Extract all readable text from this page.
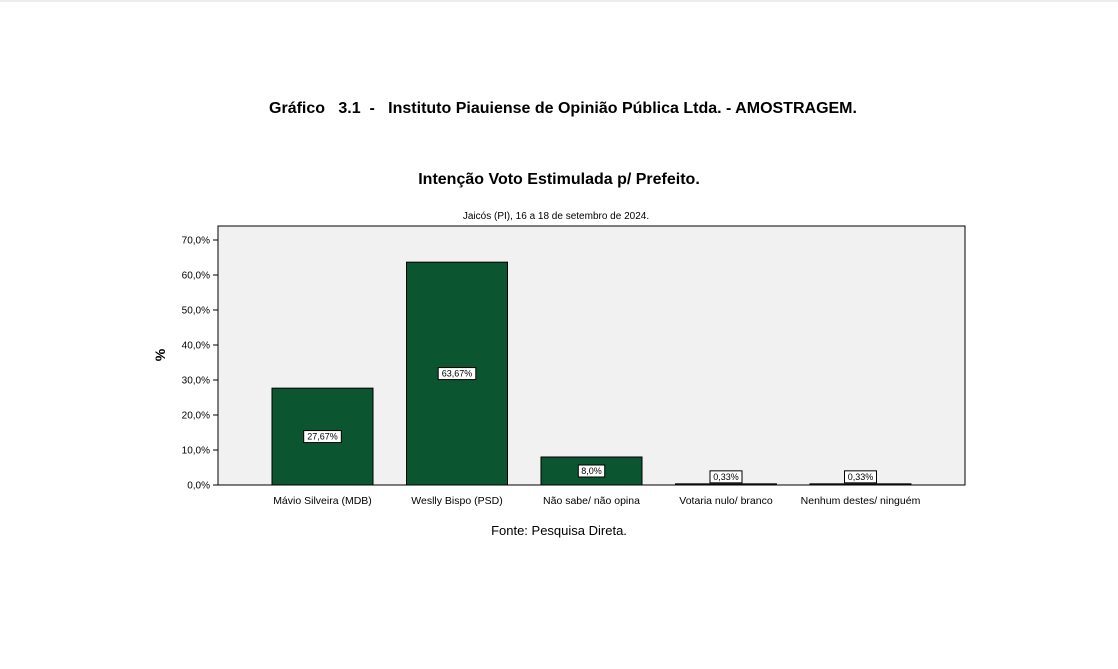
Gráfico   3.1  -   Instituto Piauiense de Opinião Pública Ltda. - AMOSTRAGEM.
Intenção Voto Estimulada p/ Prefeito.
Jaicós (PI), 16 a 18 de setembro de 2024.
%
0,0%
10,0%
20,0%
30,0%
40,0%
50,0%
60,0%
70,0%
27,67%
Mávio Silveira (MDB)
63,67%
Weslly Bispo (PSD)
8,0%
Não sabe/ não opina
0,33%
Votaria nulo/ branco
0,33%
Nenhum destes/ ninguém
Fonte: Pesquisa Direta.
